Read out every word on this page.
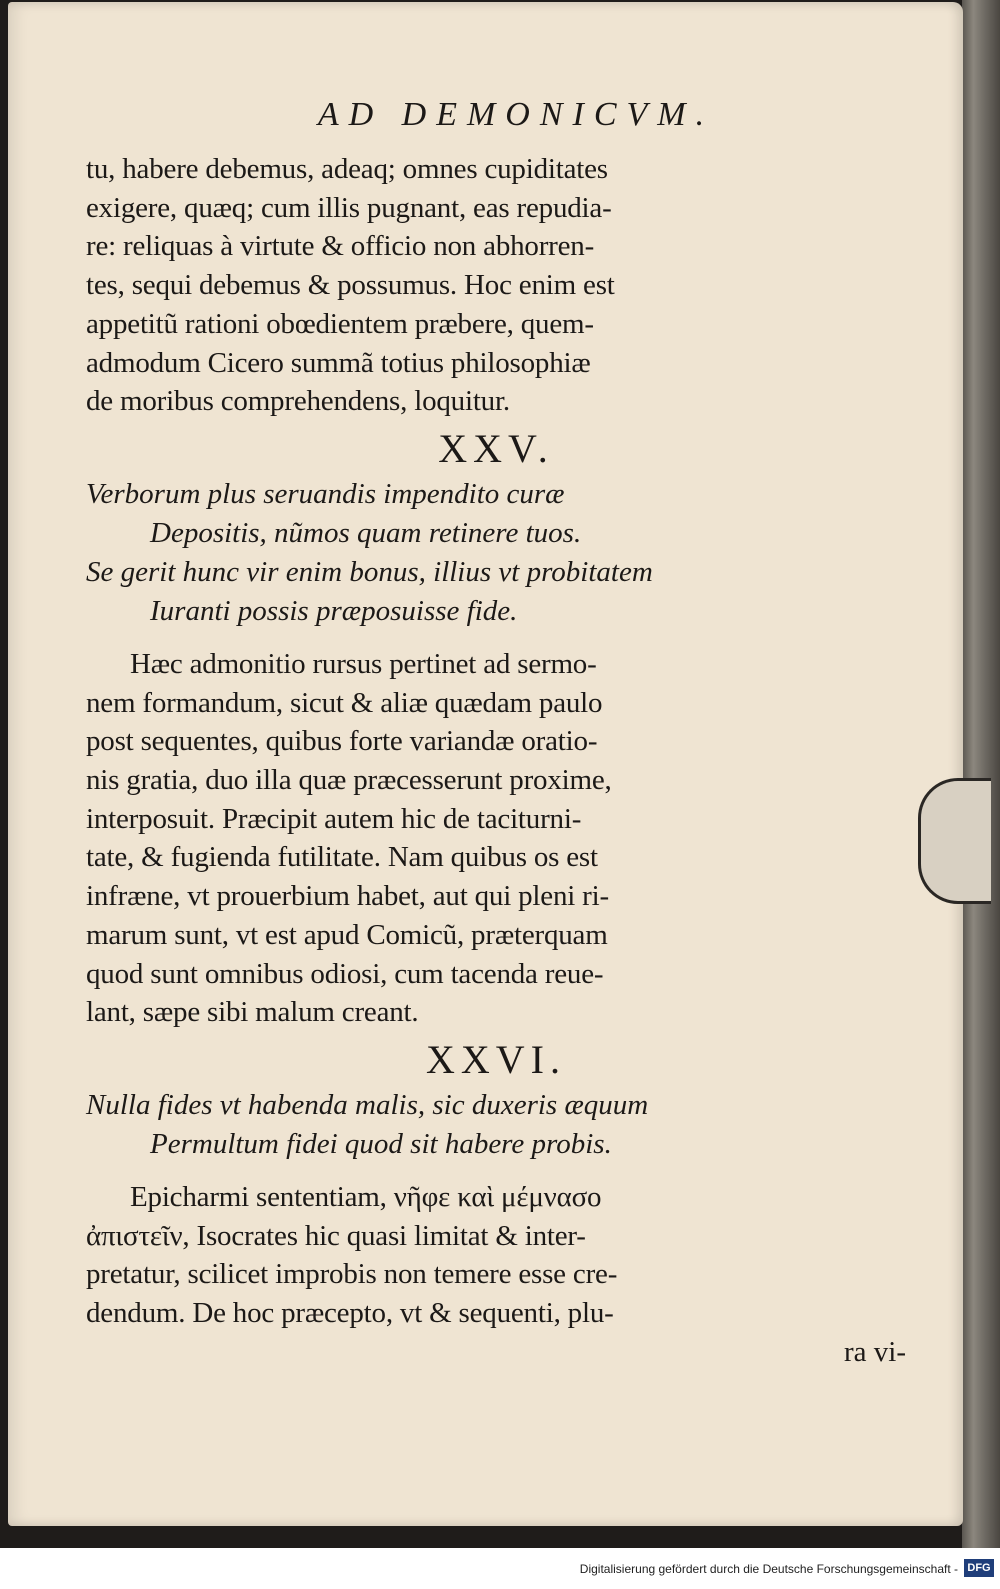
AD DEMONICVM.
tu, habere debemus, adeaq; omnes cupiditates
exigere, quæq; cum illis pugnant, eas repudia-
re: reliquas à virtute & officio non abhorren-
tes, sequi debemus & possumus. Hoc enim est
appetitũ rationi obœdientem præbere, quem-
admodum Cicero summã totius philosophiæ
de moribus comprehendens, loquitur.
XXV.
Verborum plus seruandis impendito curæ
Depositis, nũmos quam retinere tuos.
Se gerit hunc vir enim bonus, illius vt probitatem
Iuranti possis præposuisse fide.
Hæc admonitio rursus pertinet ad sermo-
nem formandum, sicut & aliæ quædam paulo
post sequentes, quibus forte variandæ oratio-
nis gratia, duo illa quæ præcesserunt proxime,
interposuit. Præcipit autem hic de taciturni-
tate, & fugienda futilitate. Nam quibus os est
infræne, vt prouerbium habet, aut qui pleni ri-
marum sunt, vt est apud Comicũ, præterquam
quod sunt omnibus odiosi, cum tacenda reue-
lant, sæpe sibi malum creant.
XXVI.
Nulla fides vt habenda malis, sic duxeris æquum
Permultum fidei quod sit habere probis.
Epicharmi sententiam, νῆφε καὶ μέμνασο
ἀπιστεῖν, Isocrates hic quasi limitat & inter-
pretatur, scilicet improbis non temere esse cre-
dendum. De hoc præcepto, vt & sequenti, plu-
ra vi-
Digitalisierung gefördert durch die Deutsche Forschungsgemeinschaft - DFG
